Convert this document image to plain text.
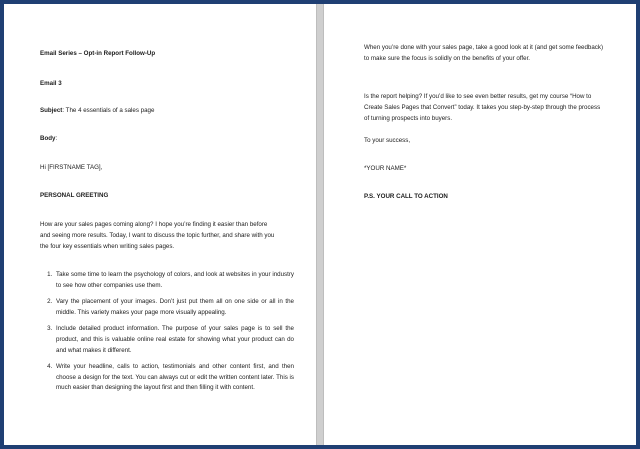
Email Series – Opt-in Report Follow-Up

Email 3

Subject: The 4 essentials of a sales page

Body:

Hi [FIRSTNAME TAG],

PERSONAL GREETING

How are your sales pages coming along? I hope you’re finding it easier than before and seeing more results. Today, I want to discuss the topic further, and share with you the four key essentials when writing sales pages.

1. Take some time to learn the psychology of colors, and look at websites in your industry to see how other companies use them.
2. Vary the placement of your images. Don’t just put them all on one side or all in the middle. This variety makes your page more visually appealing.
3. Include detailed product information. The purpose of your sales page is to sell the product, and this is valuable online real estate for showing what your product can do and what makes it different.
4. Write your headline, calls to action, testimonials and other content first, and then choose a design for the text. You can always cut or edit the written content later. This is much easier than designing the layout first and then filling it with content.

When you’re done with your sales page, take a good look at it (and get some feedback) to make sure the focus is solidly on the benefits of your offer.

Is the report helping? If you’d like to see even better results, get my course “How to Create Sales Pages that Convert” today. It takes you step-by-step through the process of turning prospects into buyers.

To your success,

*YOUR NAME*

P.S. YOUR CALL TO ACTION
